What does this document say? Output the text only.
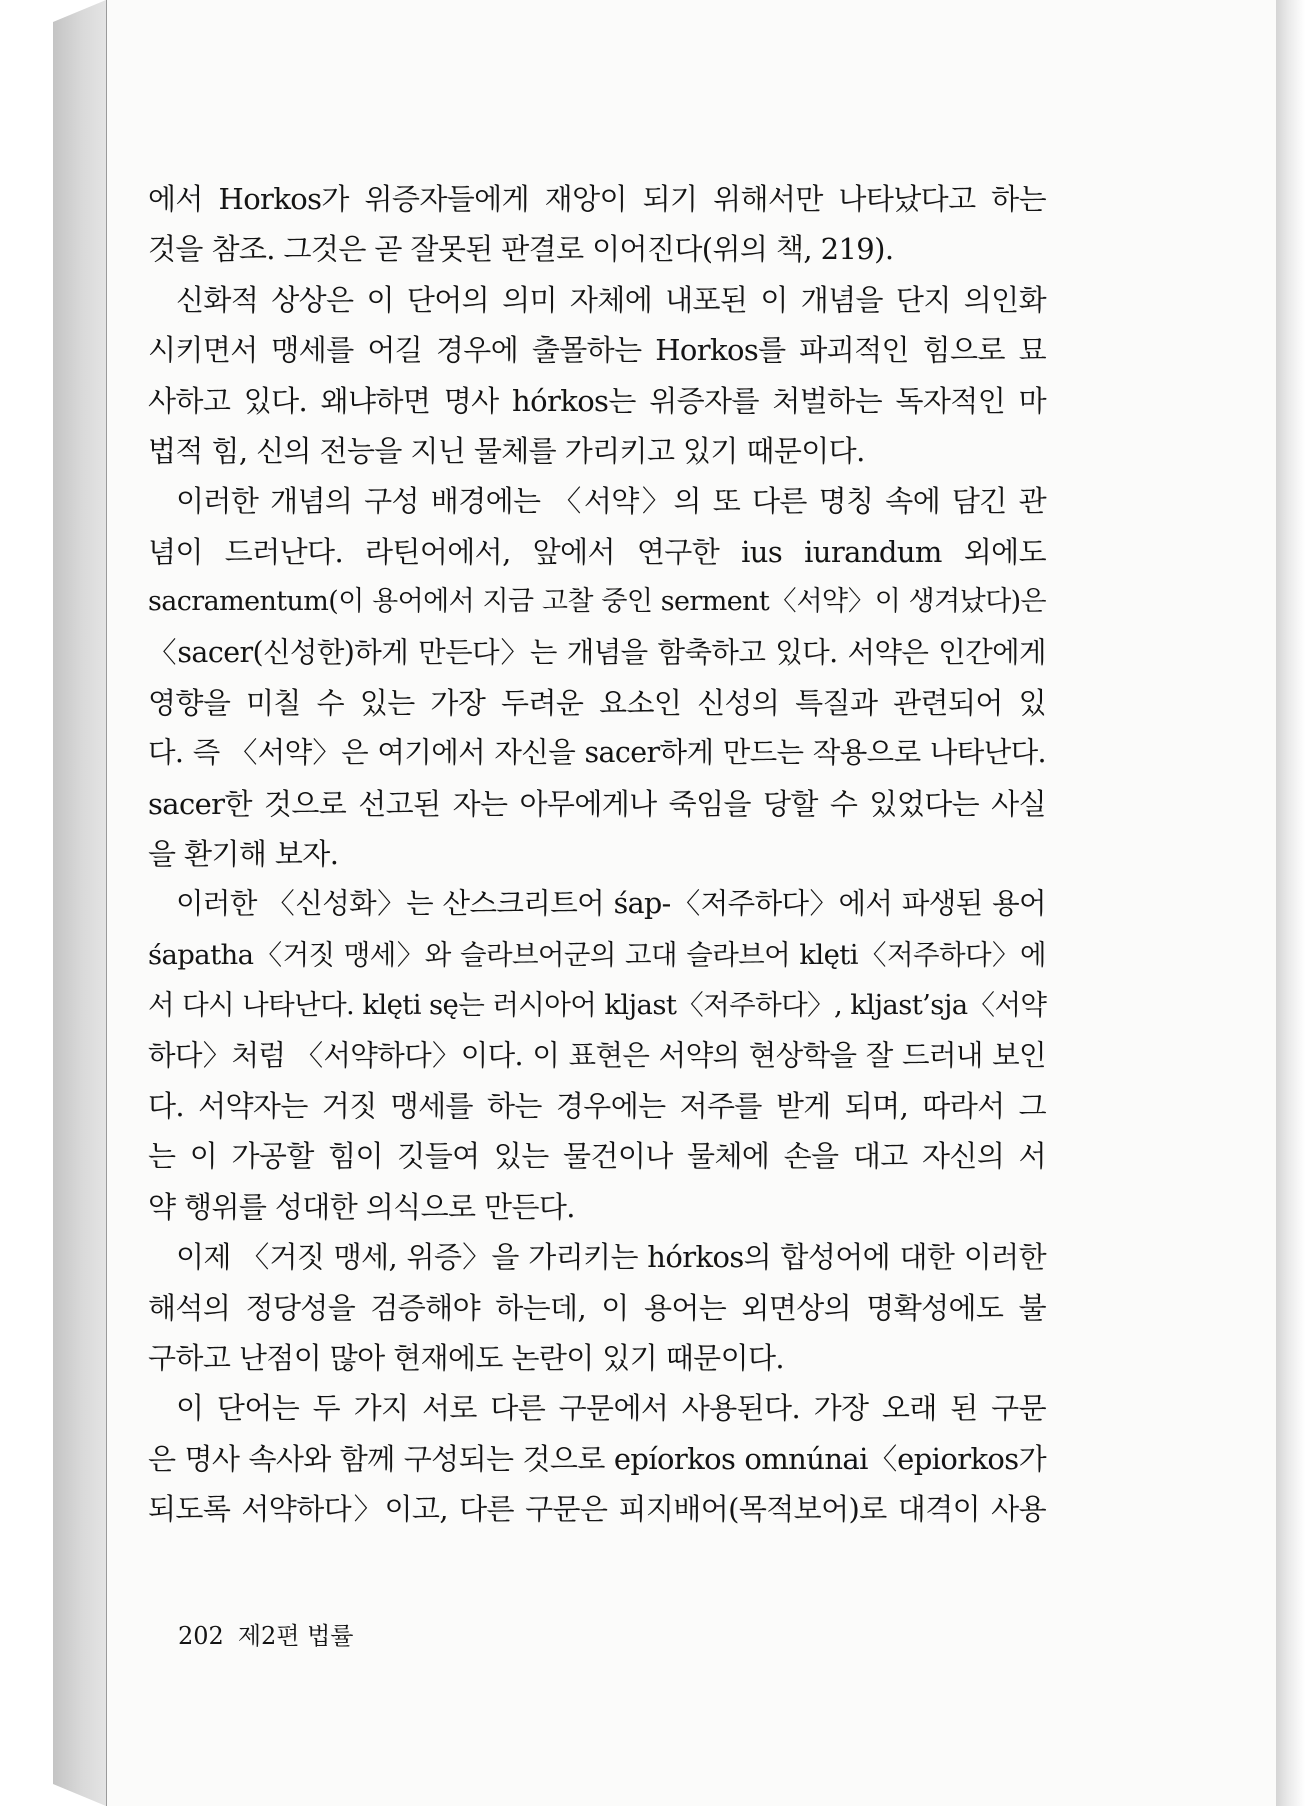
에서 Horkos가 위증자들에게 재앙이 되기 위해서만 나타났다고 하는
것을 참조. 그것은 곧 잘못된 판결로 이어진다(위의 책, 219).
신화적 상상은 이 단어의 의미 자체에 내포된 이 개념을 단지 의인화
시키면서 맹세를 어길 경우에 출몰하는 Horkos를 파괴적인 힘으로 묘
사하고 있다. 왜냐하면 명사 hórkos는 위증자를 처벌하는 독자적인 마
법적 힘, 신의 전능을 지닌 물체를 가리키고 있기 때문이다.
이러한 개념의 구성 배경에는 〈서약〉의 또 다른 명칭 속에 담긴 관
념이 드러난다. 라틴어에서, 앞에서 연구한 ius iurandum 외에도
sacramentum(이 용어에서 지금 고찰 중인 serment〈서약〉이 생겨났다)은
〈sacer(신성한)하게 만든다〉는 개념을 함축하고 있다. 서약은 인간에게
영향을 미칠 수 있는 가장 두려운 요소인 신성의 특질과 관련되어 있
다. 즉 〈서약〉은 여기에서 자신을 sacer하게 만드는 작용으로 나타난다.
sacer한 것으로 선고된 자는 아무에게나 죽임을 당할 수 있었다는 사실
을 환기해 보자.
이러한 〈신성화〉는 산스크리트어 śap-〈저주하다〉에서 파생된 용어
śapatha〈거짓 맹세〉와 슬라브어군의 고대 슬라브어 klęti〈저주하다〉에
서 다시 나타난다. klęti sę는 러시아어 kljast〈저주하다〉, kljast’sja〈서약
하다〉처럼 〈서약하다〉이다. 이 표현은 서약의 현상학을 잘 드러내 보인
다. 서약자는 거짓 맹세를 하는 경우에는 저주를 받게 되며, 따라서 그
는 이 가공할 힘이 깃들여 있는 물건이나 물체에 손을 대고 자신의 서
약 행위를 성대한 의식으로 만든다.
이제 〈거짓 맹세, 위증〉을 가리키는 hórkos의 합성어에 대한 이러한
해석의 정당성을 검증해야 하는데, 이 용어는 외면상의 명확성에도 불
구하고 난점이 많아 현재에도 논란이 있기 때문이다.
이 단어는 두 가지 서로 다른 구문에서 사용된다. 가장 오래 된 구문
은 명사 속사와 함께 구성되는 것으로 epíorkos omnúnai〈epiorkos가
되도록 서약하다〉이고, 다른 구문은 피지배어(목적보어)로 대격이 사용
202 제2편 법률
